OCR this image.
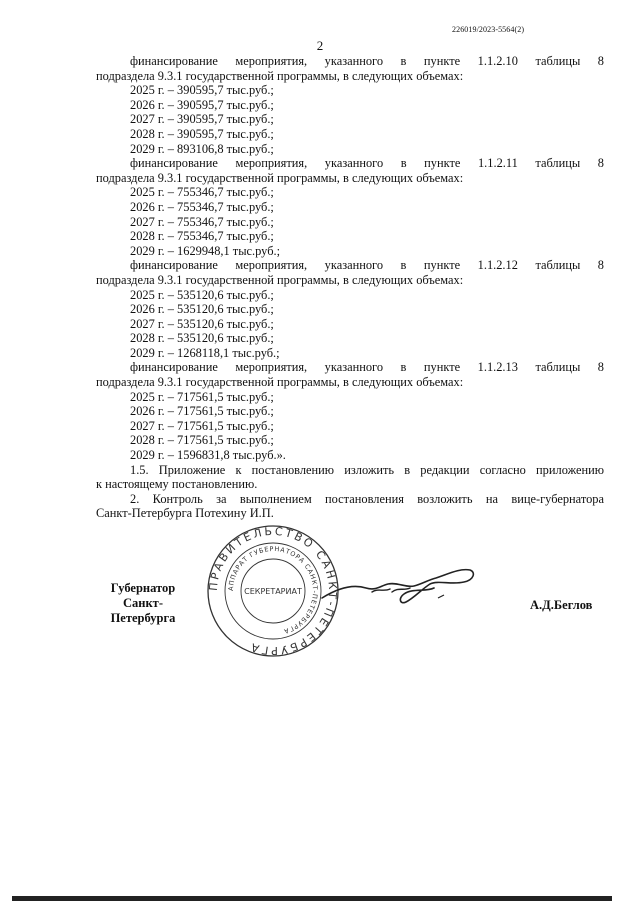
226019/2023-5564(2)
2

финансирование мероприятия, указанного в пункте 1.1.2.10 таблицы 8

подраздела 9.3.1 государственной программы, в следующих объемах:

2025 г. – 390595,7 тыс.руб.;

2026 г. – 390595,7 тыс.руб.;

2027 г. – 390595,7 тыс.руб.;

2028 г. – 390595,7 тыс.руб.;

2029 г. – 893106,8 тыс.руб.;

финансирование мероприятия, указанного в пункте 1.1.2.11 таблицы 8

подраздела 9.3.1 государственной программы, в следующих объемах:

2025 г. – 755346,7 тыс.руб.;

2026 г. – 755346,7 тыс.руб.;

2027 г. – 755346,7 тыс.руб.;

2028 г. – 755346,7 тыс.руб.;

2029 г. – 1629948,1 тыс.руб.;

финансирование мероприятия, указанного в пункте 1.1.2.12 таблицы 8

подраздела 9.3.1 государственной программы, в следующих объемах:

2025 г. – 535120,6 тыс.руб.;

2026 г. – 535120,6 тыс.руб.;

2027 г. – 535120,6 тыс.руб.;

2028 г. – 535120,6 тыс.руб.;

2029 г. – 1268118,1 тыс.руб.;

финансирование мероприятия, указанного в пункте 1.1.2.13 таблицы 8

подраздела 9.3.1 государственной программы, в следующих объемах:

2025 г. – 717561,5 тыс.руб.;

2026 г. – 717561,5 тыс.руб.;

2027 г. – 717561,5 тыс.руб.;

2028 г. – 717561,5 тыс.руб.;

2029 г. – 1596831,8 тыс.руб.».

1.5. Приложение к постановлению изложить в редакции согласно приложению

к настоящему постановлению.

2. Контроль за выполнением постановления возложить на вице-губернатора

Санкт-Петербурга Потехину И.П.

Губернатор
Санкт-Петербурга
ПРАВИТЕЛЬСТВО САНКТ-ПЕТЕРБУРГА
АППАРАТ ГУБЕРНАТОРА САНКТ-ПЕТЕРБУРГА
СЕКРЕТАРИАТ
А.Д.Беглов
